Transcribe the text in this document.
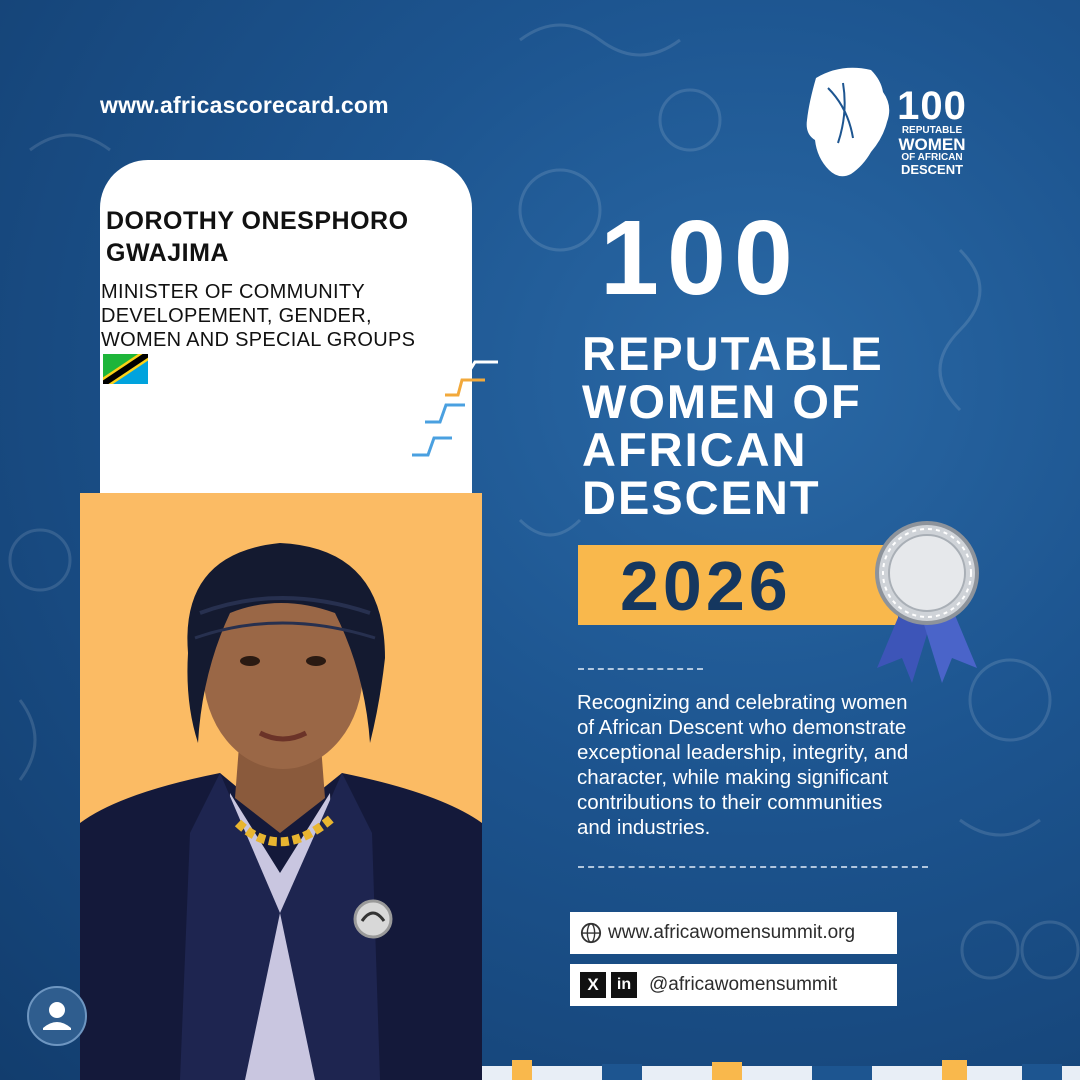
www.africascorecard.com	100
REPUTABLE
WOMEN
OF AFRICAN
DESCENT
100
REPUTABLE
WOMEN OF
AFRICAN
DESCENT
2026
Recognizing and celebrating women
of African Descent who demonstrate
exceptional leadership, integrity, and
character, while making significant
contributions to their communities
and industries.
www.africawomensummit.org
X	in @africawomensummit
DOROTHY ONESPHORO
GWAJIMA
MINISTER OF COMMUNITY
DEVELOPEMENT, GENDER,
WOMEN AND SPECIAL GROUPS
